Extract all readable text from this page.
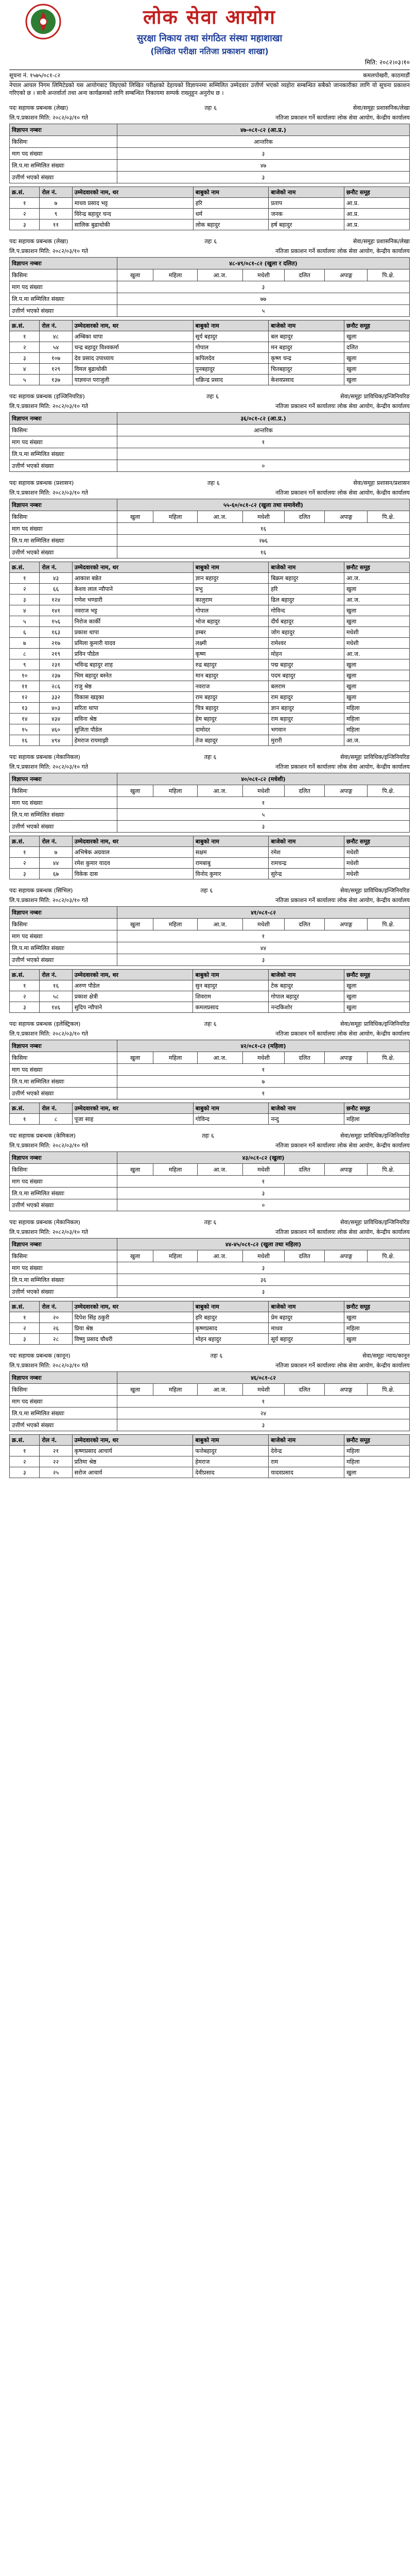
लोक सेवा आयोग
सुरक्षा निकाय तथा संगठित संस्था महाशाखा
(लिखित परीक्षा नतिजा प्रकाशन शाखा)
मिति: २०८२।०३।१०
सूचना नं. १५७५/०८१-८२	कमलपोखरी, काठमाडौं
नेपाल आयल निगम लिमिटेडको यस आयोगबाट लिइएको लिखित परीक्षाको देहायको विज्ञापनमा सम्मिलित उम्मेदवार उत्तीर्ण भएको व्यहोरा सम्बन्धित सबैको जानकारीका लागि यो सूचना प्रकाशन गरिएको छ । साथै अन्तर्वार्ता तथा अन्य कार्यक्रमको लागि सम्बन्धित निकायमा सम्पर्क राख्नुहुन अनुरोध छ ।
पदः सहायक प्रबन्धक (लेखा)	तहः ६	सेवा/समूहः प्रशासनिक/लेखा
लि.प.प्रकाशन मिति: २०८२/०३/१० गते	नतिजा प्रकाशन गर्ने कार्यालयः लोक सेवा आयोग, केन्द्रीय कार्यालय
विज्ञापन नम्बरः	४७-०८१-८२ (आ.प्र.)
किसिमः	आन्तरिक
माग पद संख्याः	३
लि.प.मा सम्मिलित संख्याः	४७
उत्तीर्ण भएको संख्याः	३
क्र.सं.	रोल नं.	उम्मेदवारको नाम, थर	बाबुको नाम	बाजेको नाम	छनौट समूह
१	७	माधव प्रसाद भट्ट	हरि	प्रताप	आ.प्र.
२	९	विरेन्द्र बहादुर चन्द	धर्म	जनक	आ.प्र.
३	११	सालिक बुढाथोकी	लोक बहादुर	हर्ष बहादुर	आ.प्र.
पदः सहायक प्रबन्धक (लेखा)	तहः ६	सेवा/समूहः प्रशासनिक/लेखा
लि.प.प्रकाशन मिति: २०८२/०३/१० गते	नतिजा प्रकाशन गर्ने कार्यालयः लोक सेवा आयोग, केन्द्रीय कार्यालय
विज्ञापन नम्बरः	४८-४९/०८१-८२ (खुला र दलित)						
किसिमः	खुला	महिला	आ.ज.	मधेशी	दलित	अपाङ्ग	पि.क्षे.
माग पद संख्याः	३						
लि.प.मा सम्मिलित संख्याः	७७						
उत्तीर्ण भएको संख्याः	५						
क्र.सं.	रोल नं.	उम्मेदवारको नाम, थर	बाबुको नाम	बाजेको नाम	छनौट समूह
१	४८	अम्बिका थापा	सूर्य बहादुर	बल बहादुर	खुला
२	५४	चन्द्र बहादुर विश्वकर्मा	गोपाल	मन बहादुर	दलित
३	१०७	देव प्रसाद उपाध्याय	कपिलदेव	कृष्ण चन्द्र	खुला
४	१२९	विमल बुढाथोकी	पुनबहादुर	चितबहादुर	खुला
५	१३७	याज्ञवन्त पराजुली	चक्रिन्द्र प्रसाद	केशवप्रसाद	खुला
पदः सहायक प्रबन्धक (इञ्जिनियरिङ)	तहः ६	सेवा/समूहः प्राविधिक/इन्जिनियरिङ
लि.प.प्रकाशन मिति: २०८२/०३/१० गते	नतिजा प्रकाशन गर्ने कार्यालयः लोक सेवा आयोग, केन्द्रीय कार्यालय
विज्ञापन नम्बरः	३६/०८१-८२ (आ.प्र.)
किसिमः	आन्तरिक
माग पद संख्याः	१
लि.प.मा सम्मिलित संख्याः	
उत्तीर्ण भएको संख्याः	०
पदः सहायक प्रबन्धक (प्रशासन)	तहः ६	सेवा/समूहः प्रशासन/प्रशासन
लि.प.प्रकाशन मिति: २०८२/०३/१० गते	नतिजा प्रकाशन गर्ने कार्यालयः लोक सेवा आयोग, केन्द्रीय कार्यालय
विज्ञापन नम्बरः	५५-६०/०८१-८२ (खुला तथा समावेशी)						
किसिमः	खुला	महिला	आ.ज.	मधेशी	दलित	अपाङ्ग	पि.क्षे.
माग पद संख्याः	१६						
लि.प.मा सम्मिलित संख्याः	२७६						
उत्तीर्ण भएको संख्याः	१६						
क्र.सं.	रोल नं.	उम्मेदवारको नाम, थर	बाबुको नाम	बाजेको नाम	छनौट समूह
१	४३	आकाश बन्नेत	ज्ञान बहादुर	बिक्रम बहादुर	आ.ज.
२	६६	केशव लाल न्यौपाने	प्रभु	हरि	खुला
३	१२४	गणेश भण्डारी	कालुराम	ढिल बहादुर	आ.ज.
४	१४१	नवराज भट्ट	गोपाल	गोविन्द	खुला
५	१५६	निरोज कार्की	भोज बहादुर	दीर्घ बहादुर	खुला
६	१६३	प्रकाश थापा	डम्बर	जोग बहादुर	मधेशी
७	२१७	प्रमिला कुमारी यादव	लक्ष्मी	रामेश्वर	मधेशी
८	२१९	प्रविन पौडेल	कृष्ण	मोहन	आ.ज.
९	२३१	भविन्द्र बहादुर शाह	रुद्र बहादुर	पद्म बहादुर	खुला
१०	२३७	भिम बहादुर बस्नेत	मान बहादुर	पदम बहादुर	खुला
११	२८६	राजु श्रेष्ठ	नवराज	बलराम	खुला
१२	३३२	विकास खड्का	राम बहादुर	राम बहादुर	खुला
१३	४०३	सरिता थापा	चित्र बहादुर	ज्ञान बहादुर	महिला
१४	४३४	सविना श्रेष्ठ	हेम बहादुर	राम बहादुर	महिला
१५	४६०	सुजिता पौडेल	दामोदर	भगवान	महिला
१६	४९४	हेमराज रायमाझी	तेज बहादुर	मुरारी	आ.ज.
पदः सहायक प्रबन्धक (मेकानिकल)	तहः ६	सेवा/समूहः प्राविधिक/इन्जिनियरिङ
लि.प.प्रकाशन मिति: २०८२/०३/१० गते	नतिजा प्रकाशन गर्ने कार्यालयः लोक सेवा आयोग, केन्द्रीय कार्यालय
विज्ञापन नम्बरः	४०/०८१-८२ (मधेशी)						
किसिमः	खुला	महिला	आ.ज.	मधेशी	दलित	अपाङ्ग	पि.क्षे.
माग पद संख्याः	१						
लि.प.मा सम्मिलित संख्याः	५						
उत्तीर्ण भएको संख्याः	३						
क्र.सं.	रोल नं.	उम्मेदवारको नाम, थर	बाबुको नाम	बाजेको नाम	छनौट समूह
१	७	अभिषेक अग्रवाल	सक्षम	रमेश	मधेशी
२	४४	रमेश कुमार यादव	रामबाबु	रामचन्द्र	मधेशी
३	६७	विकेक दास	विनोद कुमार	सुरेन्द्र	मधेशी
पदः सहायक प्रबन्धक (सिभिल)	तहः ६	सेवा/समूहः प्राविधिक/इन्जिनियरिङ
लि.प.प्रकाशन मिति: २०८२/०३/१० गते	नतिजा प्रकाशन गर्ने कार्यालयः लोक सेवा आयोग, केन्द्रीय कार्यालय
विज्ञापन नम्बरः	४१/०८१-८२						
किसिमः	खुला	महिला	आ.ज.	मधेशी	दलित	अपाङ्ग	पि.क्षे.
माग पद संख्याः	१						
लि.प.मा सम्मिलित संख्याः	४४						
उत्तीर्ण भएको संख्याः	३						
क्र.सं.	रोल नं.	उम्मेदवारको नाम, थर	बाबुको नाम	बाजेको नाम	छनौट समूह
१	१६	अरुण पौडेल	सुन बहादुर	टेक बहादुर	खुला
२	५८	प्रकाश क्षेत्री	शिवराम	गोपाल बहादुर	खुला
३	१४६	सुदिप न्यौपाने	कमलप्रसाद	नन्दकिशोर	खुला
पदः सहायक प्रबन्धक (इलेक्ट्रिकल)	तहः ६	सेवा/समूहः प्राविधिक/इन्जिनियरिङ
लि.प.प्रकाशन मिति: २०८२/०३/१० गते	नतिजा प्रकाशन गर्ने कार्यालयः लोक सेवा आयोग, केन्द्रीय कार्यालय
विज्ञापन नम्बरः	४२/०८१-८२ (महिला)						
किसिमः	खुला	महिला	आ.ज.	मधेशी	दलित	अपाङ्ग	पि.क्षे.
माग पद संख्याः	१						
लि.प.मा सम्मिलित संख्याः	७						
उत्तीर्ण भएको संख्याः	१						
क्र.सं.	रोल नं.	उम्मेदवारको नाम, थर	बाबुको नाम	बाजेको नाम	छनौट समूह
१	८	पूजा साह	गोविन्द	नन्दु	महिला
पदः सहायक प्रबन्धक (केमिकल)	तहः ६	सेवा/समूहः प्राविधिक/इन्जिनियरिङ
लि.प.प्रकाशन मिति: २०८२/०३/१० गते	नतिजा प्रकाशन गर्ने कार्यालयः लोक सेवा आयोग, केन्द्रीय कार्यालय
विज्ञापन नम्बरः	४३/०८१-८२ (खुला)						
किसिमः	खुला	महिला	आ.ज.	मधेशी	दलित	अपाङ्ग	पि.क्षे.
माग पद संख्याः	१						
लि.प.मा सम्मिलित संख्याः	३						
उत्तीर्ण भएको संख्याः	०						
पदः सहायक प्रबन्धक (मेकानिकल)	तहः ६	सेवा/समूहः प्राविधिक/इन्जिनियरिङ
लि.प.प्रकाशन मिति: २०८२/०३/१० गते	नतिजा प्रकाशन गर्ने कार्यालयः लोक सेवा आयोग, केन्द्रीय कार्यालय
विज्ञापन नम्बरः	४४-४५/०८१-८२ (खुला तथा महिला)						
किसिमः	खुला	महिला	आ.ज.	मधेशी	दलित	अपाङ्ग	पि.क्षे.
माग पद संख्याः	३						
लि.प.मा सम्मिलित संख्याः	३६						
उत्तीर्ण भएको संख्याः	३						
क्र.सं.	रोल नं.	उम्मेदवारको नाम, थर	बाबुको नाम	बाजेको नाम	छनौट समूह
१	२०	दिपेश सिंह ठकुरी	हरि बहादुर	प्रेम बहादुर	खुला
२	२६	प्रिया श्रेष्ठ	कृष्णप्रसाद	माधव	महिला
३	२८	विष्णु प्रसाद चौधरी	मोहन बहादुर	सूर्य बहादुर	खुला
पदः सहायक प्रबन्धक (कानून)	तहः ६	सेवा/समूहः न्याय/कानून
लि.प.प्रकाशन मिति: २०८२/०३/१० गते	नतिजा प्रकाशन गर्ने कार्यालयः लोक सेवा आयोग, केन्द्रीय कार्यालय
विज्ञापन नम्बरः	४६/०८१-८२						
किसिमः	खुला	महिला	आ.ज.	मधेशी	दलित	अपाङ्ग	पि.क्षे.
माग पद संख्याः	१						
लि.प.मा सम्मिलित संख्याः	२४						
उत्तीर्ण भएको संख्याः	३						
क्र.सं.	रोल नं.	उम्मेदवारको नाम, थर	बाबुको नाम	बाजेको नाम	छनौट समूह
१	२१	कृष्णप्रसाद आचार्य	फत्तेबहादुर	देवेन्द्र	महिला
२	२२	प्रतिमा श्रेष्ठ	हेमराज	राम	महिला
३	२५	सरोज आचार्य	देवीप्रसाद	यादवप्रसाद	खुला
